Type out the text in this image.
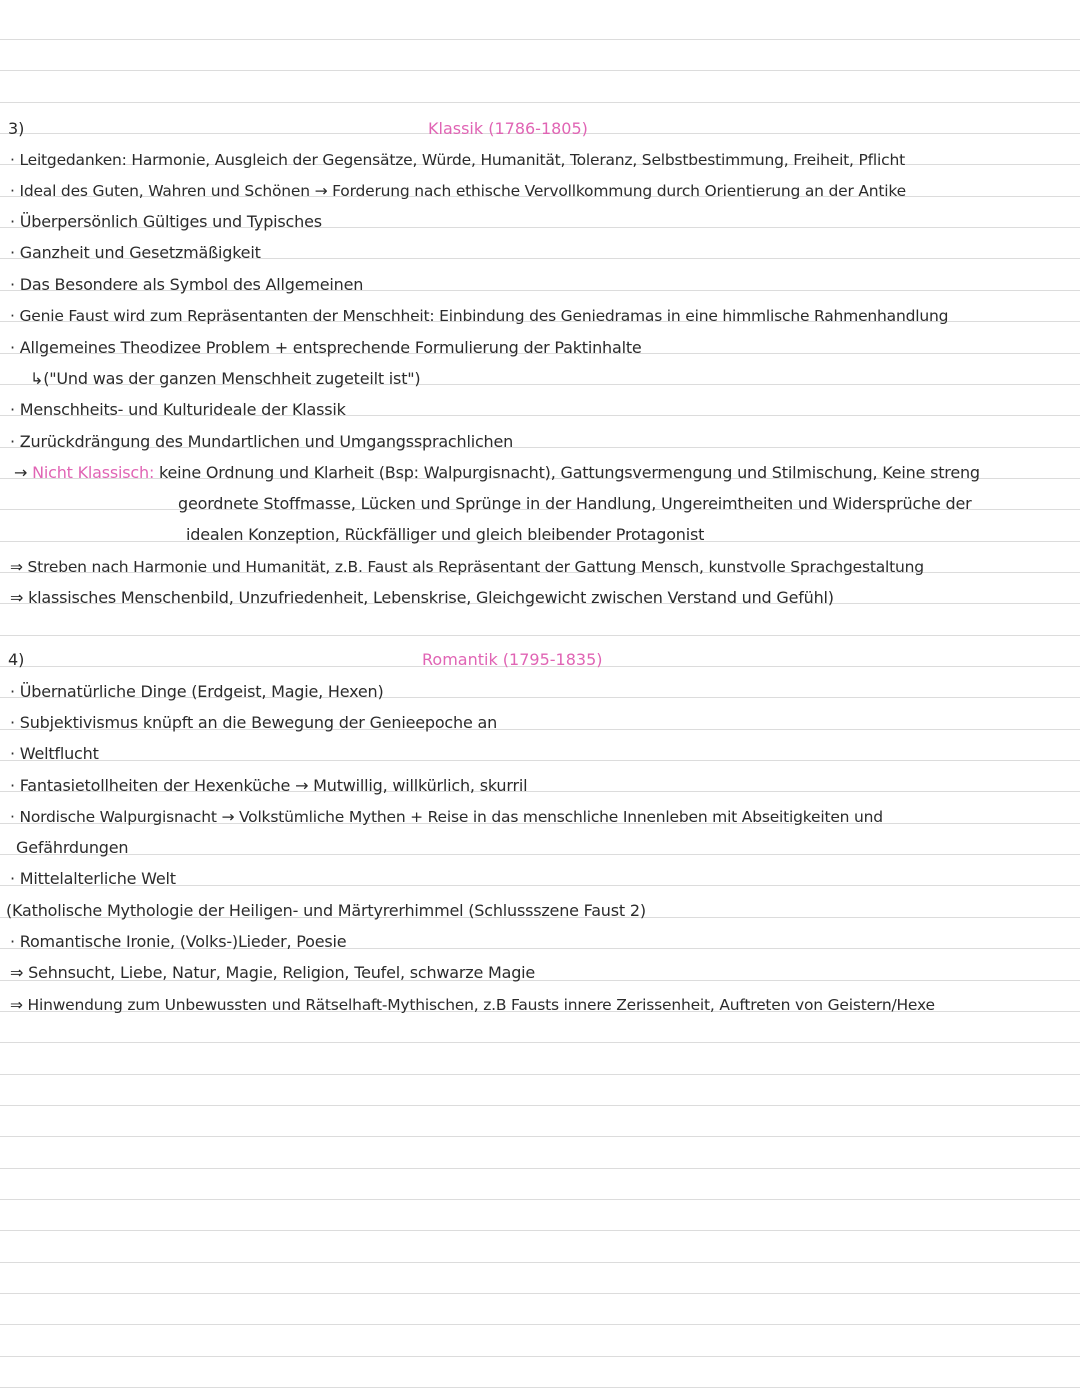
3)	Klassik (1786-1805)
· Leitgedanken: Harmonie, Ausgleich der Gegensätze, Würde, Humanität, Toleranz, Selbstbestimmung, Freiheit, Pflicht
· Ideal des Guten, Wahren und Schönen → Forderung nach ethische Vervollkommung durch Orientierung an der Antike
· Überpersönlich Gültiges und Typisches
· Ganzheit und Gesetzmäßigkeit
· Das Besondere als Symbol des Allgemeinen
· Genie Faust wird zum Repräsentanten der Menschheit: Einbindung des Geniedramas in eine himmlische Rahmenhandlung
· Allgemeines Theodizee Problem + entsprechende Formulierung der Paktinhalte
↳("Und was der ganzen Menschheit zugeteilt ist")
· Menschheits- und Kulturideale der Klassik
· Zurückdrängung des Mundartlichen und Umgangssprachlichen
→ Nicht Klassisch: keine Ordnung und Klarheit (Bsp: Walpurgisnacht), Gattungsvermengung und Stilmischung, Keine streng
geordnete Stoffmasse, Lücken und Sprünge in der Handlung, Ungereimtheiten und Widersprüche der
idealen Konzeption, Rückfälliger und gleich bleibender Protagonist
⇒ Streben nach Harmonie und Humanität, z.B. Faust als Repräsentant der Gattung Mensch, kunstvolle Sprachgestaltung
⇒ klassisches Menschenbild, Unzufriedenheit, Lebenskrise, Gleichgewicht zwischen Verstand und Gefühl)
4)	Romantik (1795-1835)
· Übernatürliche Dinge (Erdgeist, Magie, Hexen)
· Subjektivismus knüpft an die Bewegung der Genieepoche an
· Weltflucht
· Fantasietollheiten der Hexenküche → Mutwillig, willkürlich, skurril
· Nordische Walpurgisnacht → Volkstümliche Mythen + Reise in das menschliche Innenleben mit Abseitigkeiten und
Gefährdungen
· Mittelalterliche Welt
(Katholische Mythologie der Heiligen- und Märtyrerhimmel (Schlussszene Faust 2)
· Romantische Ironie, (Volks-)Lieder, Poesie
⇒ Sehnsucht, Liebe, Natur, Magie, Religion, Teufel, schwarze Magie
⇒ Hinwendung zum Unbewussten und Rätselhaft-Mythischen, z.B Fausts innere Zerissenheit, Auftreten von Geistern/Hexe
